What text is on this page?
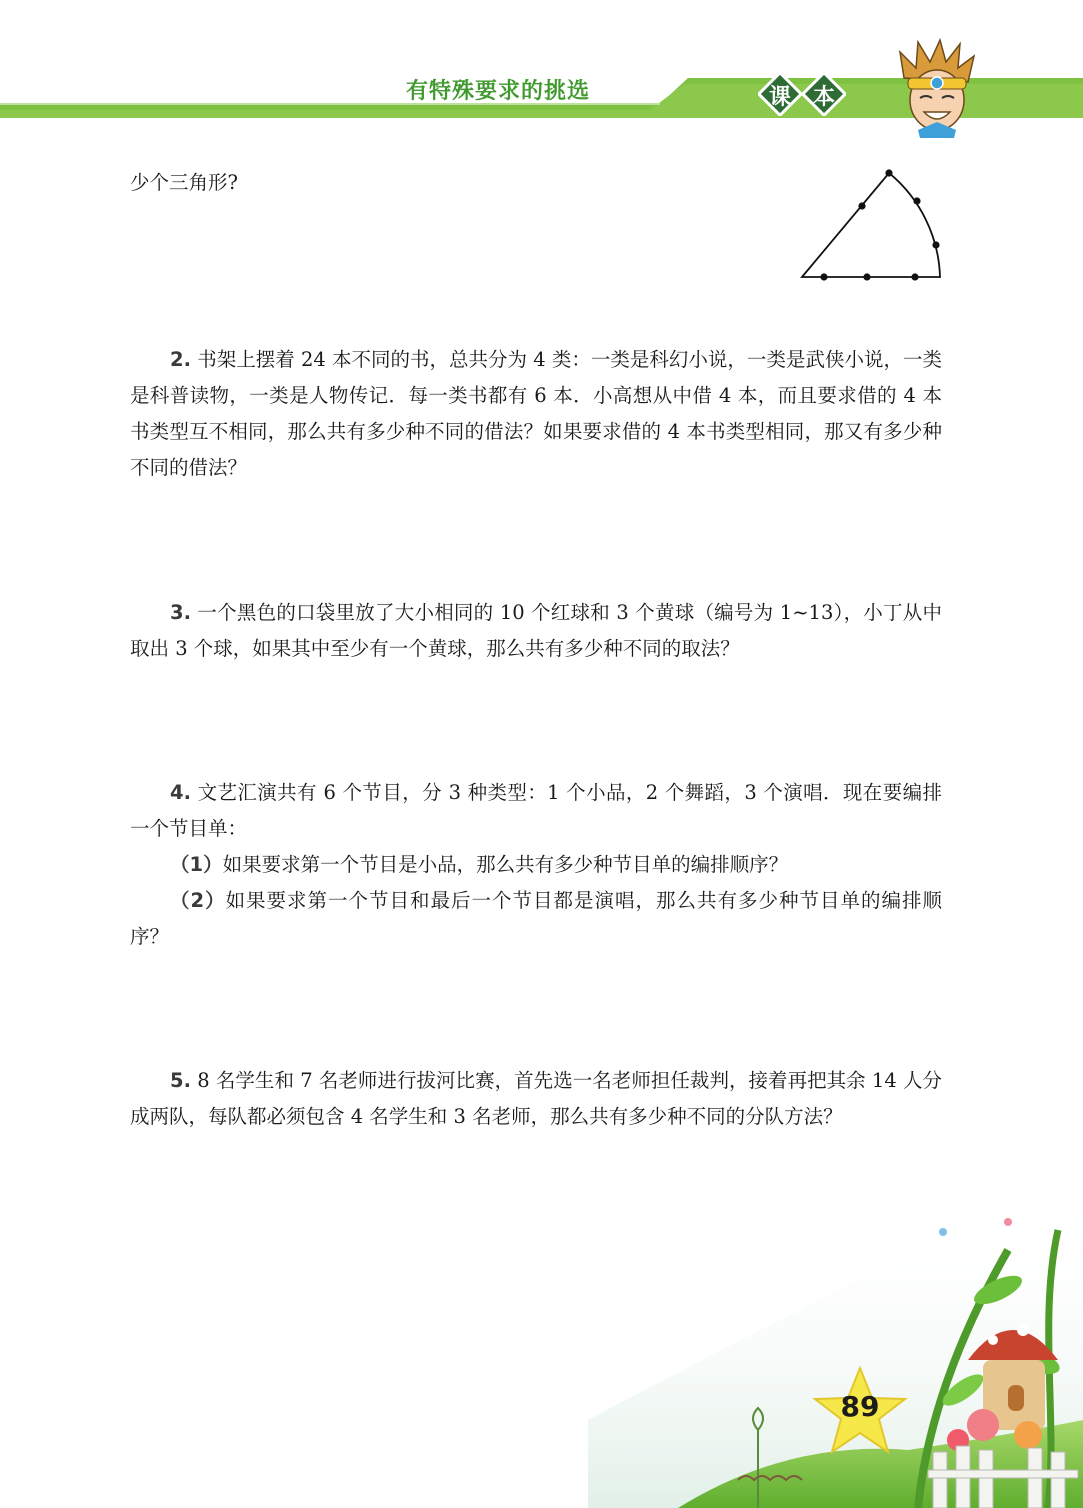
有特殊要求的挑选	课 本
少个三角形?

2. 书架上摆着 24 本不同的书，总共分为 4 类：一类是科幻小说，一类是武侠小说，一类是科普读物，一类是人物传记．每一类书都有 6 本．小高想从中借 4 本，而且要求借的 4 本书类型互不相同，那么共有多少种不同的借法？如果要求借的 4 本书类型相同，那又有多少种不同的借法？

3. 一个黑色的口袋里放了大小相同的 10 个红球和 3 个黄球（编号为 1~13），小丁从中取出 3 个球，如果其中至少有一个黄球，那么共有多少种不同的取法？

4. 文艺汇演共有 6 个节目，分 3 种类型：1 个小品，2 个舞蹈，3 个演唱．现在要编排一个节目单：

（1）如果要求第一个节目是小品，那么共有多少种节目单的编排顺序？

（2）如果要求第一个节目和最后一个节目都是演唱，那么共有多少种节目单的编排顺序？

5. 8 名学生和 7 名老师进行拔河比赛，首先选一名老师担任裁判，接着再把其余 14 人分成两队，每队都必须包含 4 名学生和 3 名老师，那么共有多少种不同的分队方法？

89
